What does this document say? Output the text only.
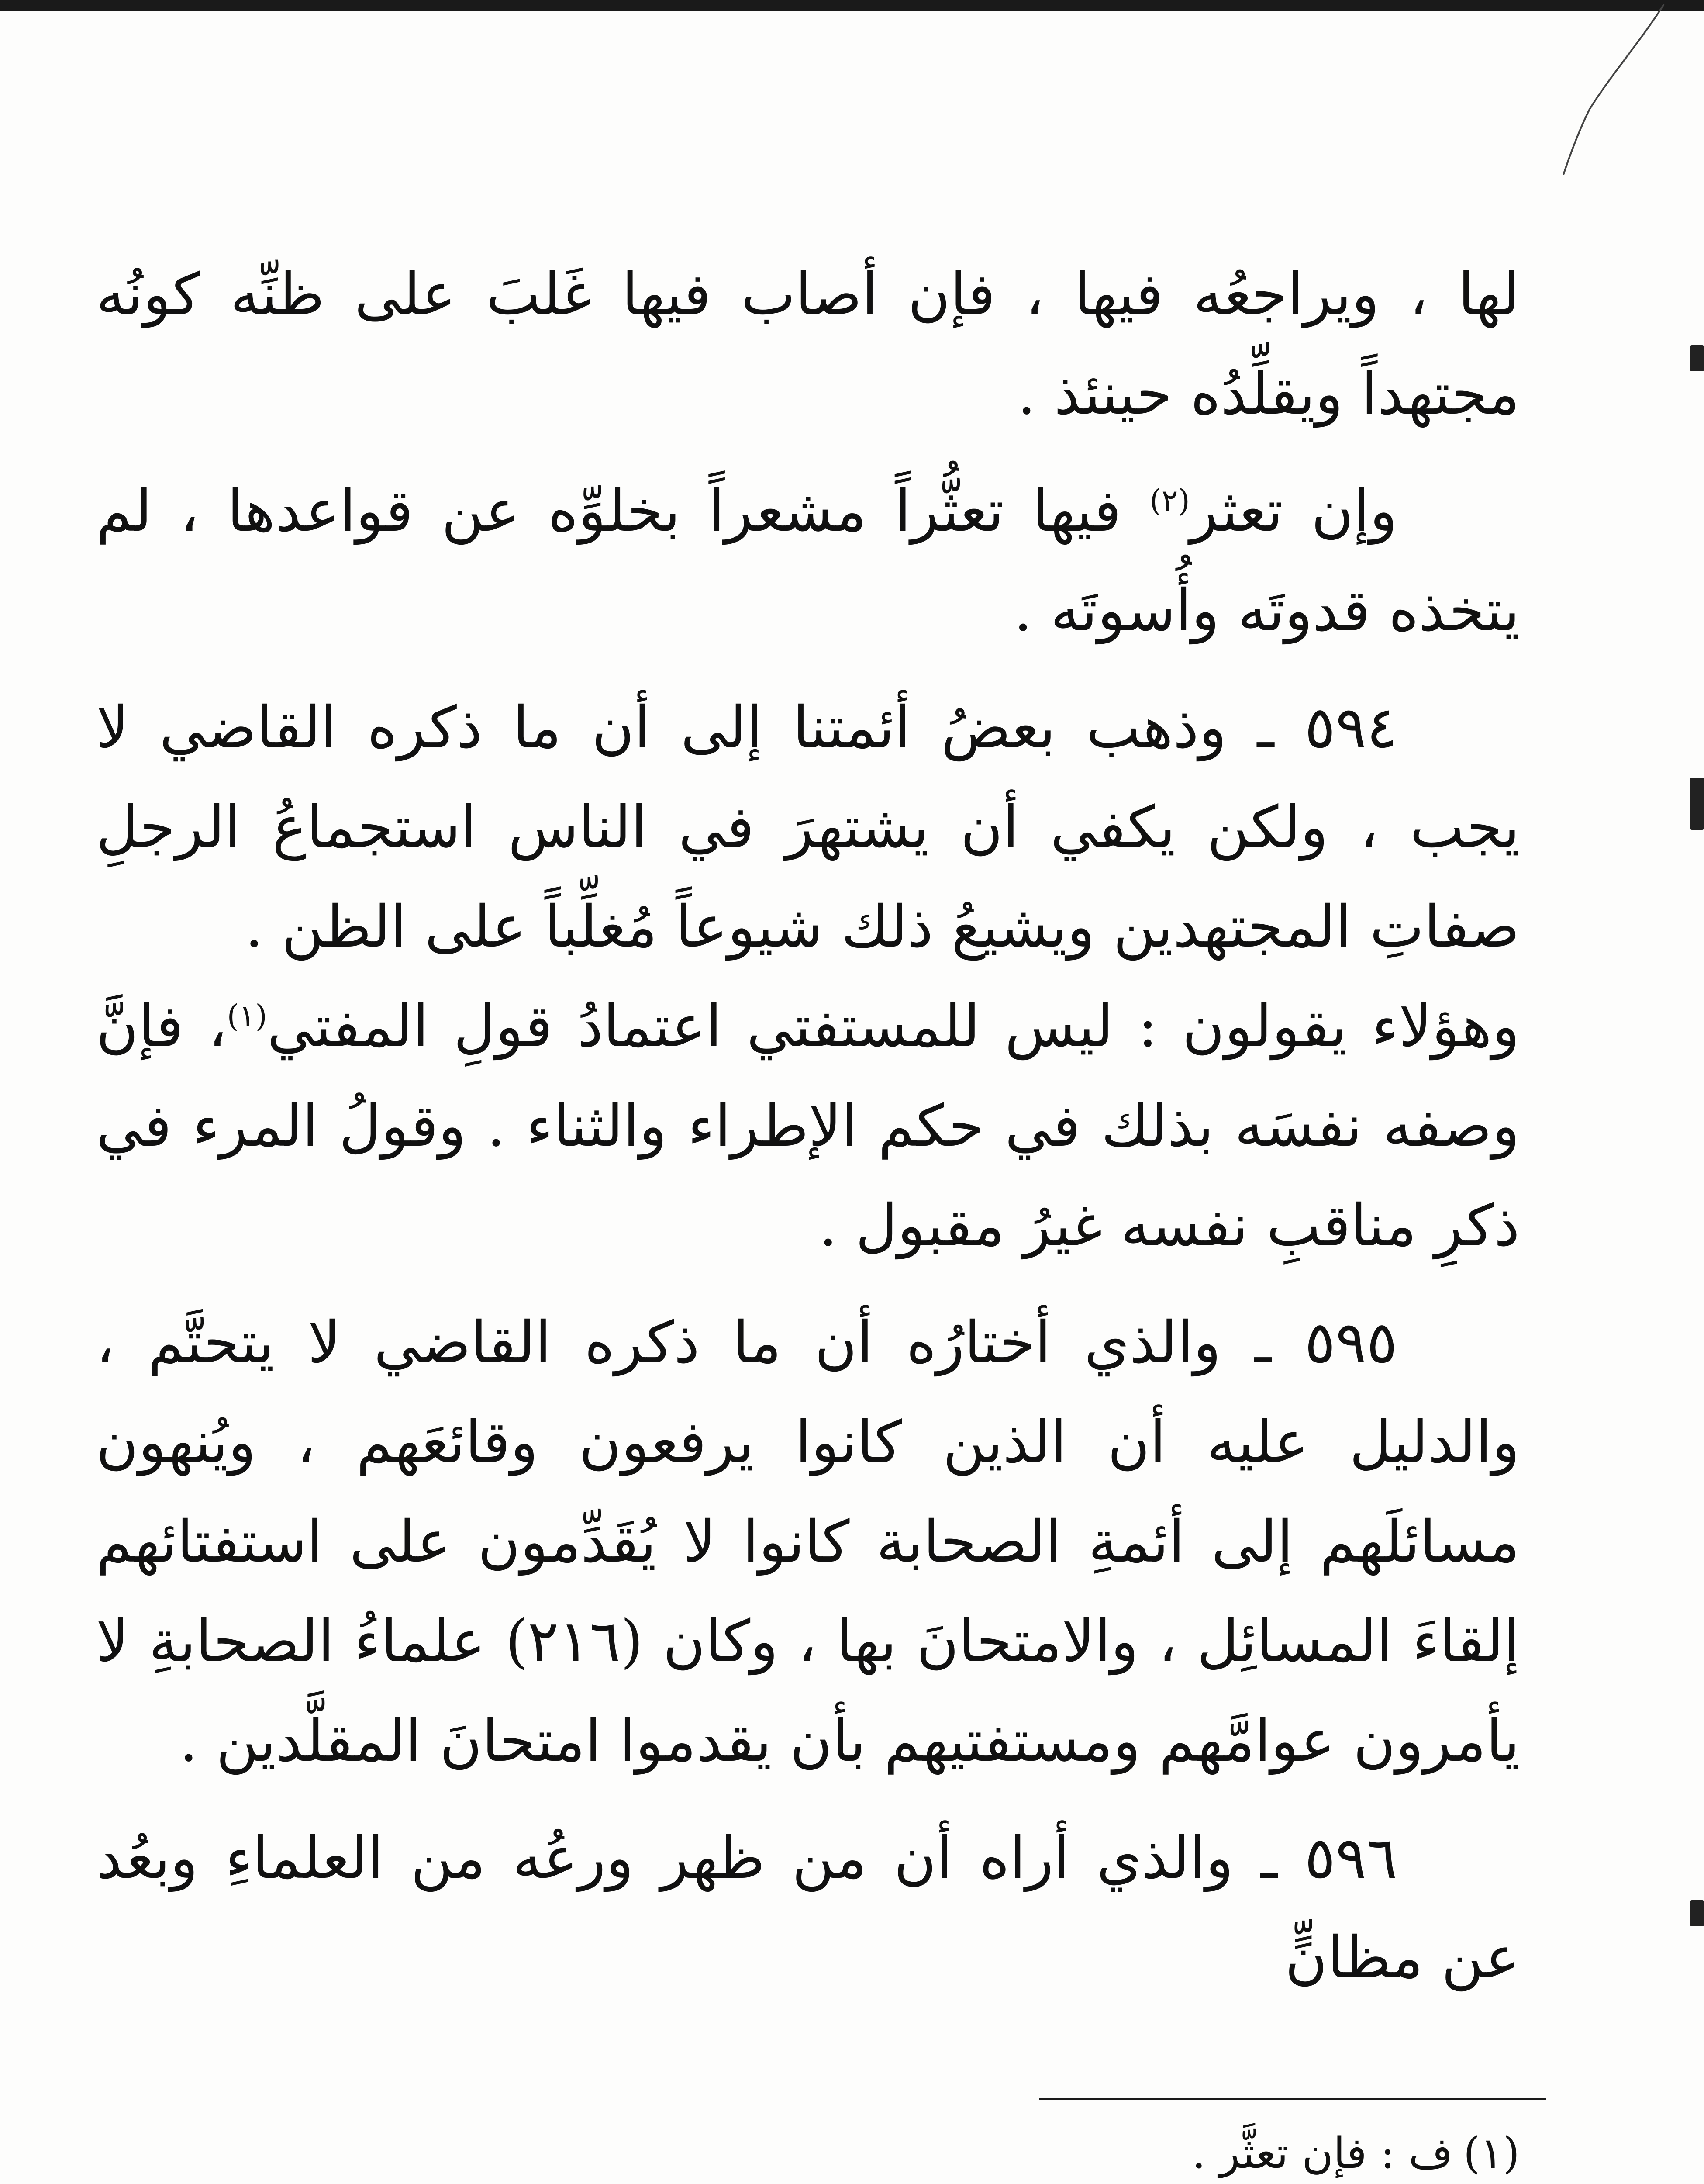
لها ، ويراجعُه فيها ، فإن أصاب فيها غَلبَ على ظنِّه كونُه مجتهداً ويقلِّدُه حينئذ .

وإن تعثر$^{(٢)}$ فيها تعثُّراً مشعراً بخلوِّه عن قواعدها ، لم يتخذه قدوتَه وأُسوتَه .

٥٩٤ ـ وذهب بعضُ أئمتنا إلى أن ما ذكره القاضي لا يجب ، ولكن يكفي أن يشتهرَ في الناس استجماعُ الرجلِ صفاتِ المجتهدين ويشيعُ ذلك شيوعاً مُغلِّباً على الظن .

وهؤلاء يقولون : ليس للمستفتي اعتمادُ قولِ المفتي$^{(١)}$، فإنَّ وصفه نفسَه بذلك في حكم الإطراء والثناء . وقولُ المرء في ذكرِ مناقبِ نفسه غيرُ مقبول .

٥٩٥ ـ والذي أختارُه أن ما ذكره القاضي لا يتحتَّم ، والدليل عليه أن الذين كانوا يرفعون وقائعَهم ، ويُنهون مسائلَهم إلى أئمةِ الصحابة كانوا لا يُقَدِّمون على استفتائهم إلقاءَ المسائِل ، والامتحانَ بها ، وكان (٢١٦) علماءُ الصحابةِ لا يأمرون عوامَّهم ومستفتيهم بأن يقدموا امتحانَ المقلَّدين .

٥٩٦ ـ والذي أراه أن من ظهر ورعُه من العلماءِ وبعُد عن مظانٍّ

(١)ف : فإن تعثَّر .
